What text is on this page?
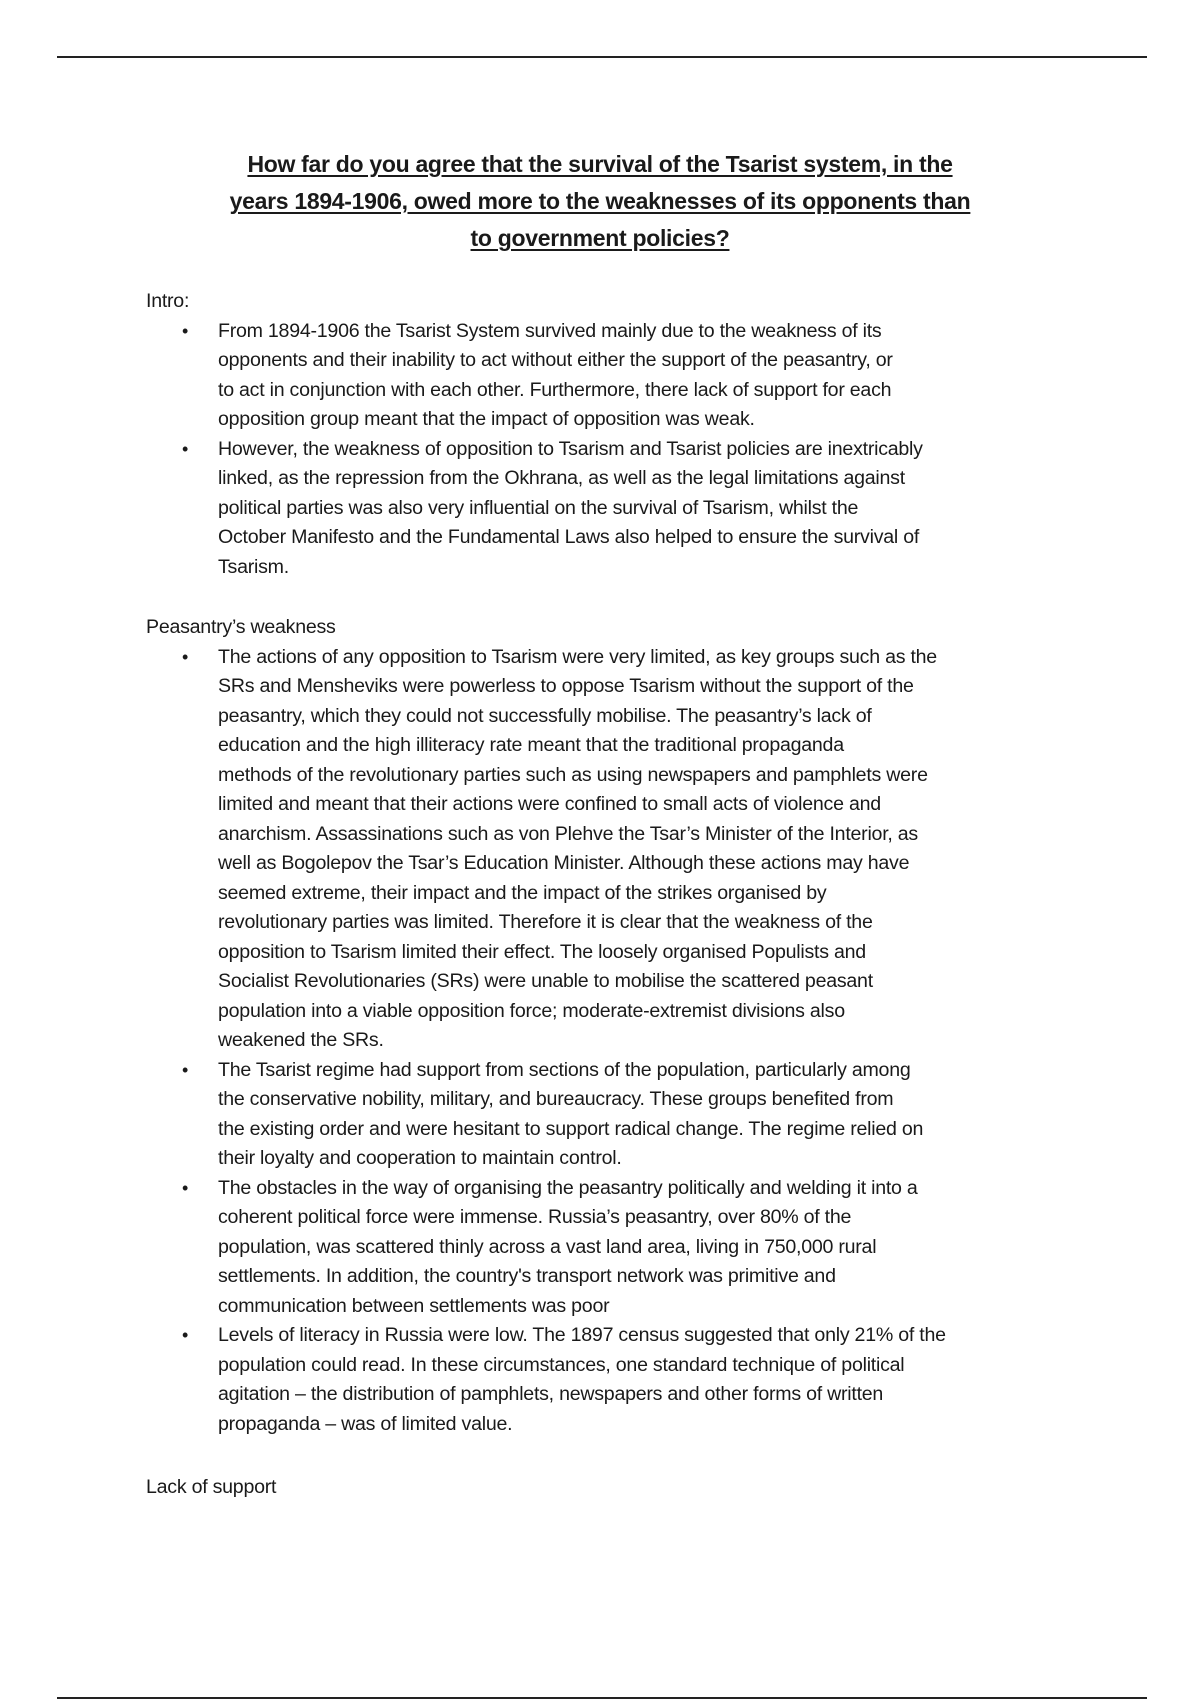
How far do you agree that the survival of the Tsarist system, in the
years 1894-1906, owed more to the weaknesses of its opponents than
to government policies?
Intro:
• From 1894-1906 the Tsarist System survived mainly due to the weakness of its
opponents and their inability to act without either the support of the peasantry, or
to act in conjunction with each other. Furthermore, there lack of support for each
opposition group meant that the impact of opposition was weak.
• However, the weakness of opposition to Tsarism and Tsarist policies are inextricably
linked, as the repression from the Okhrana, as well as the legal limitations against
political parties was also very influential on the survival of Tsarism, whilst the
October Manifesto and the Fundamental Laws also helped to ensure the survival of
Tsarism.
Peasantry’s weakness
• The actions of any opposition to Tsarism were very limited, as key groups such as the
SRs and Mensheviks were powerless to oppose Tsarism without the support of the
peasantry, which they could not successfully mobilise. The peasantry’s lack of
education and the high illiteracy rate meant that the traditional propaganda
methods of the revolutionary parties such as using newspapers and pamphlets were
limited and meant that their actions were confined to small acts of violence and
anarchism. Assassinations such as von Plehve the Tsar’s Minister of the Interior, as
well as Bogolepov the Tsar’s Education Minister. Although these actions may have
seemed extreme, their impact and the impact of the strikes organised by
revolutionary parties was limited. Therefore it is clear that the weakness of the
opposition to Tsarism limited their effect. The loosely organised Populists and
Socialist Revolutionaries (SRs) were unable to mobilise the scattered peasant
population into a viable opposition force; moderate-extremist divisions also
weakened the SRs.
• The Tsarist regime had support from sections of the population, particularly among
the conservative nobility, military, and bureaucracy. These groups benefited from
the existing order and were hesitant to support radical change. The regime relied on
their loyalty and cooperation to maintain control.
• The obstacles in the way of organising the peasantry politically and welding it into a
coherent political force were immense. Russia’s peasantry, over 80% of the
population, was scattered thinly across a vast land area, living in 750,000 rural
settlements. In addition, the country's transport network was primitive and
communication between settlements was poor
• Levels of literacy in Russia were low. The 1897 census suggested that only 21% of the
population could read. In these circumstances, one standard technique of political
agitation – the distribution of pamphlets, newspapers and other forms of written
propaganda – was of limited value.
Lack of support
